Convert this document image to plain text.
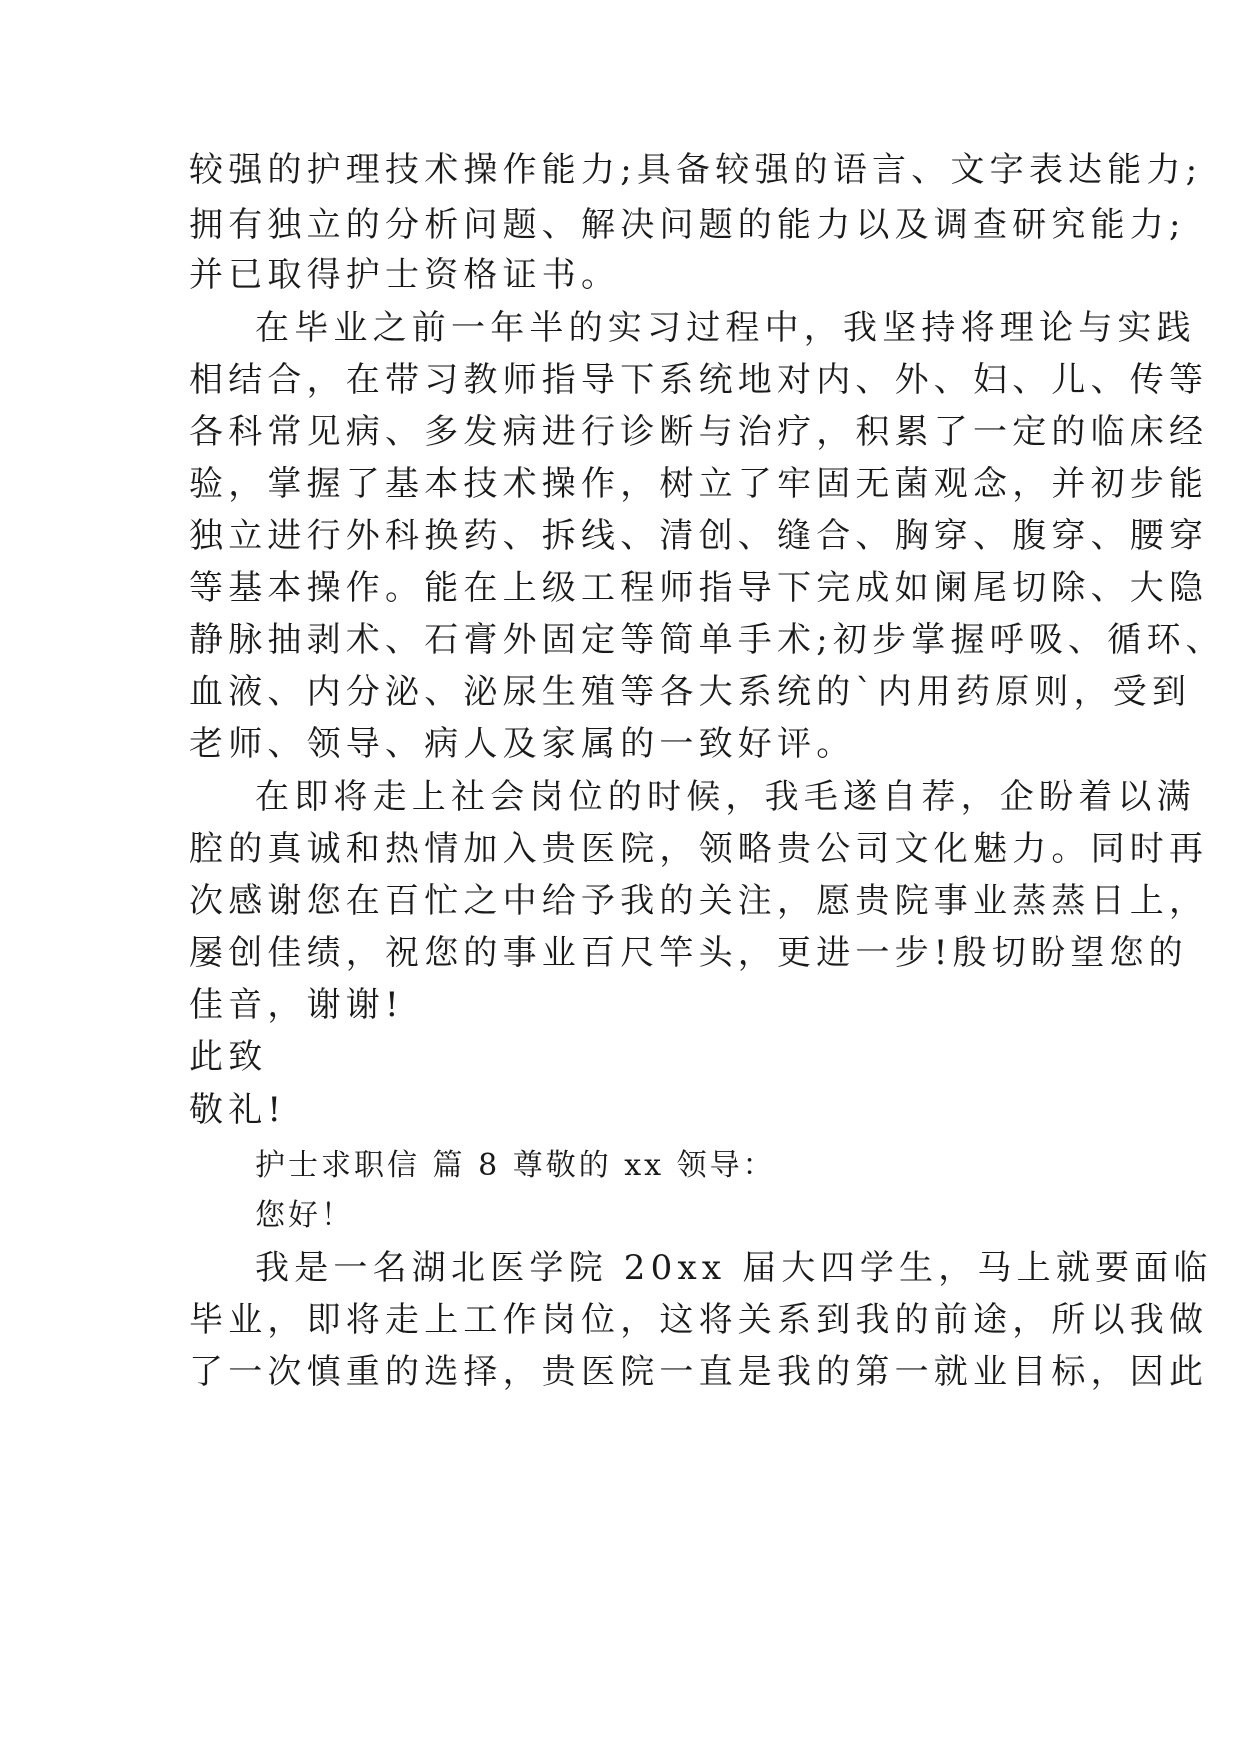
较强的护理技术操作能力;具备较强的语言、文字表达能力;
拥有独立的分析问题、解决问题的能力以及调查研究能力;
并已取得护士资格证书。
在毕业之前一年半的实习过程中，我坚持将理论与实践
相结合，在带习教师指导下系统地对内、外、妇、儿、传等
各科常见病、多发病进行诊断与治疗，积累了一定的临床经
验，掌握了基本技术操作，树立了牢固无菌观念，并初步能
独立进行外科换药、拆线、清创、缝合、胸穿、腹穿、腰穿
等基本操作。能在上级工程师指导下完成如阑尾切除、大隐
静脉抽剥术、石膏外固定等简单手术;初步掌握呼吸、循环、
血液、内分泌、泌尿生殖等各大系统的`内用药原则，受到
老师、领导、病人及家属的一致好评。
在即将走上社会岗位的时候，我毛遂自荐，企盼着以满
腔的真诚和热情加入贵医院，领略贵公司文化魅力。同时再
次感谢您在百忙之中给予我的关注，愿贵院事业蒸蒸日上，
屡创佳绩，祝您的事业百尺竿头，更进一步!殷切盼望您的
佳音，谢谢!
此致
敬礼!
护士求职信 篇 8 尊敬的 xx 领导：
您好！
我是一名湖北医学院 20xx 届大四学生，马上就要面临
毕业，即将走上工作岗位，这将关系到我的前途，所以我做
了一次慎重的选择，贵医院一直是我的第一就业目标，因此
